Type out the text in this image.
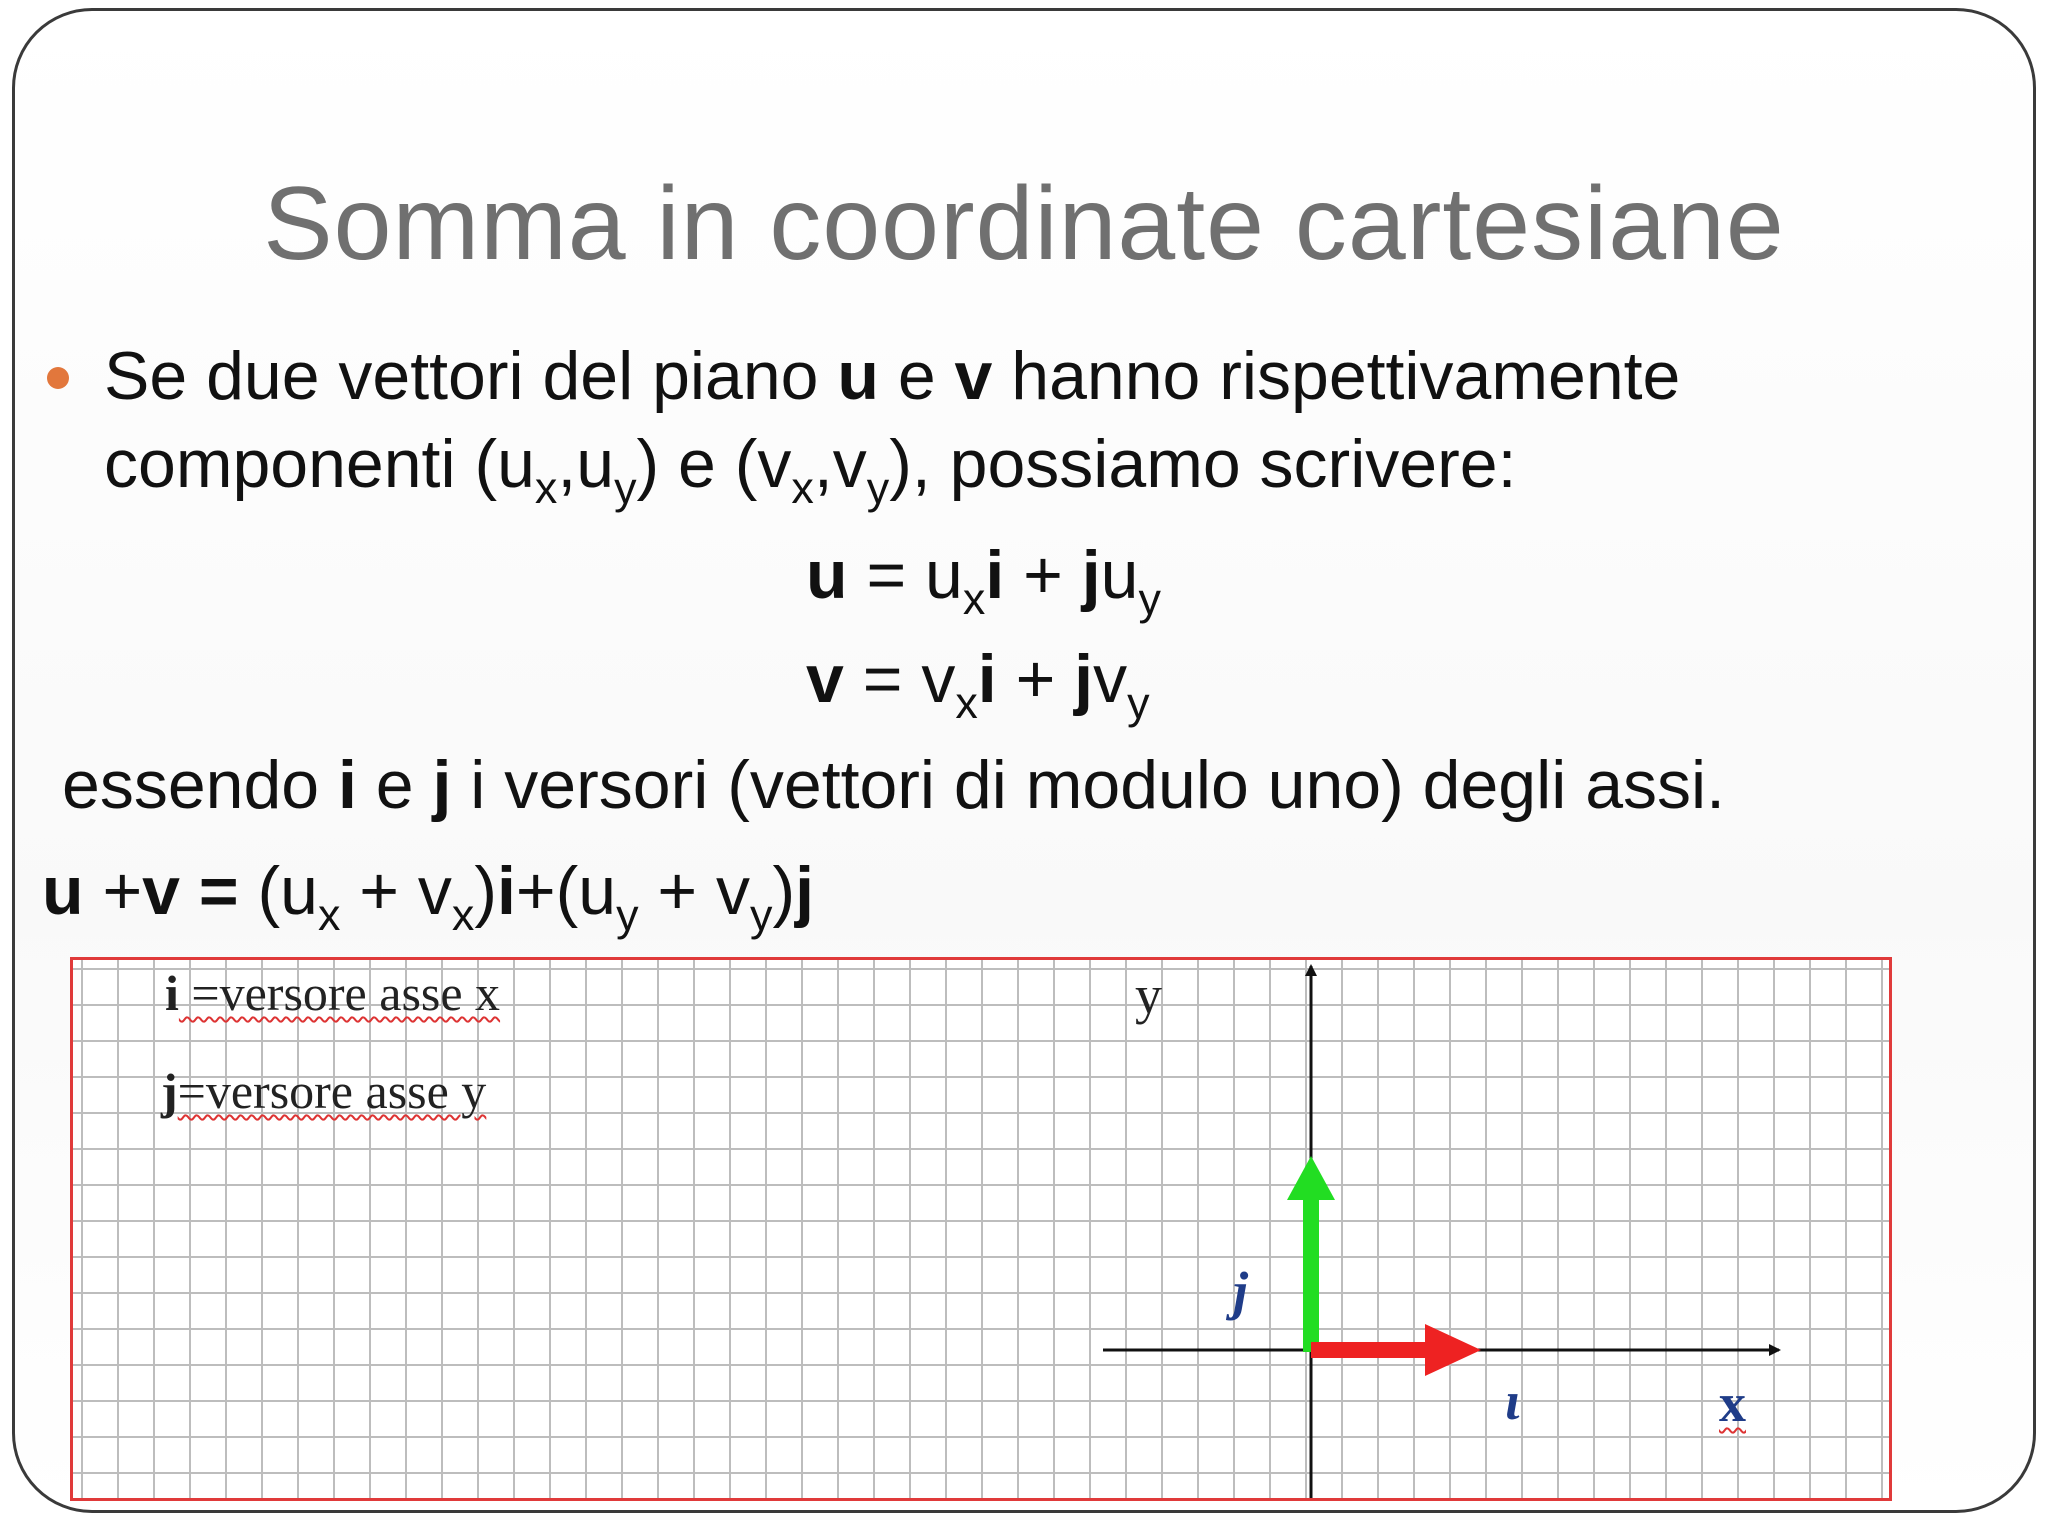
Somma in coordinate cartesiane
Se due vettori del piano u e v hanno rispettivamente
componenti $(u_x,u_y)$ e $(v_x,v_y)$, possiamo scrivere:
$u = u_xi + ju_y$
$v = v_xi + jv_y$
essendo i e j i versori (vettori di modulo uno) degli assi.
$u +v = (u_x + v_x)i+(u_y + v_y)j$
i =versore asse x
j=versore asse y
y
x
ι⃗
j⃗
